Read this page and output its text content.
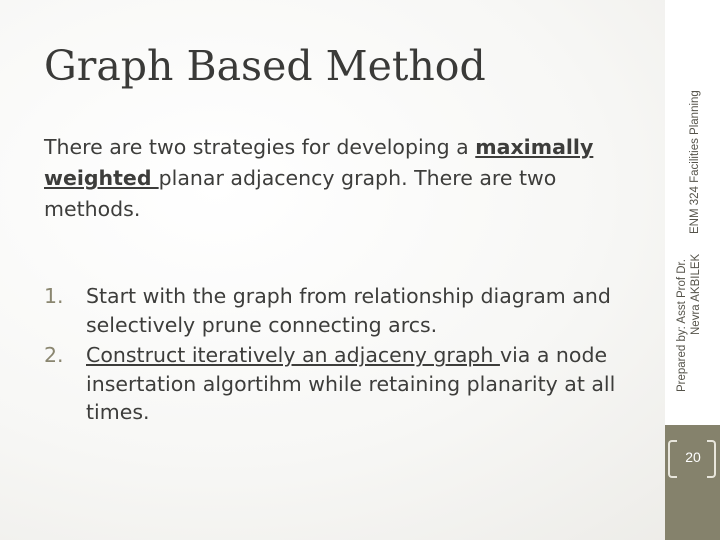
Graph Based Method
There are two strategies for developing a maximally weighted planar adjacency graph. There are two methods.
1. Start with the graph from relationship diagram and selectively prune connecting arcs.
2. Construct iteratively an adjaceny graph via a node insertation algortihm while retaining planarity at all times.
Prepared by: Asst Prof Dr. Nevra AKBILEK
ENM 324 Facilities Planning
20
